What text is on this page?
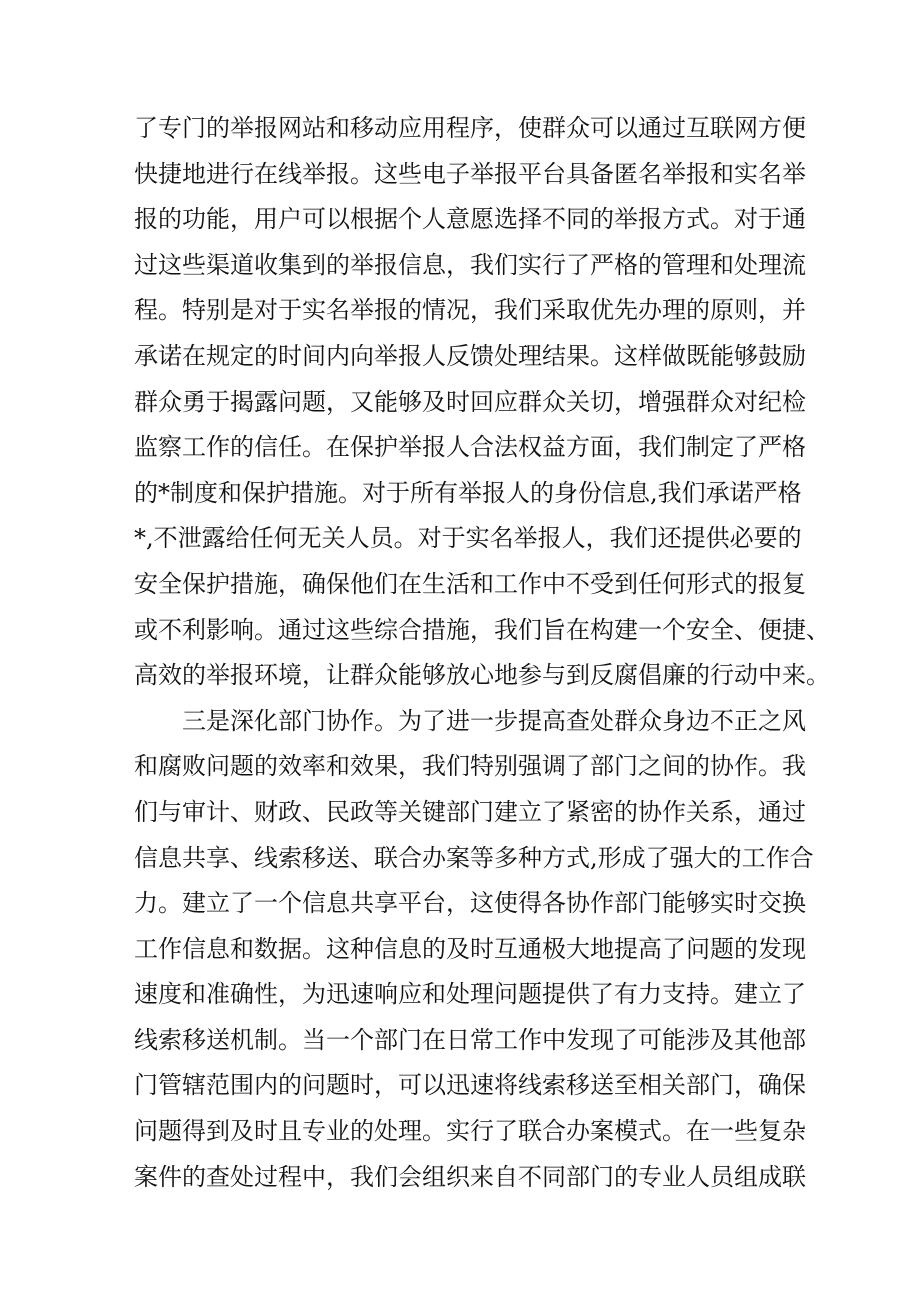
了专门的举报网站和移动应用程序，使群众可以通过互联网方便
快捷地进行在线举报。这些电子举报平台具备匿名举报和实名举
报的功能，用户可以根据个人意愿选择不同的举报方式。对于通
过这些渠道收集到的举报信息，我们实行了严格的管理和处理流
程。特别是对于实名举报的情况，我们采取优先办理的原则，并
承诺在规定的时间内向举报人反馈处理结果。这样做既能够鼓励
群众勇于揭露问题，又能够及时回应群众关切，增强群众对纪检
监察工作的信任。在保护举报人合法权益方面，我们制定了严格
的*制度和保护措施。对于所有举报人的身份信息,我们承诺严格
*,不泄露给任何无关人员。对于实名举报人，我们还提供必要的
安全保护措施，确保他们在生活和工作中不受到任何形式的报复
或不利影响。通过这些综合措施，我们旨在构建一个安全、便捷、
高效的举报环境，让群众能够放心地参与到反腐倡廉的行动中来。
三是深化部门协作。为了进一步提高查处群众身边不正之风
和腐败问题的效率和效果，我们特别强调了部门之间的协作。我
们与审计、财政、民政等关键部门建立了紧密的协作关系，通过
信息共享、线索移送、联合办案等多种方式,形成了强大的工作合
力。建立了一个信息共享平台，这使得各协作部门能够实时交换
工作信息和数据。这种信息的及时互通极大地提高了问题的发现
速度和准确性，为迅速响应和处理问题提供了有力支持。建立了
线索移送机制。当一个部门在日常工作中发现了可能涉及其他部
门管辖范围内的问题时，可以迅速将线索移送至相关部门，确保
问题得到及时且专业的处理。实行了联合办案模式。在一些复杂
案件的查处过程中，我们会组织来自不同部门的专业人员组成联
